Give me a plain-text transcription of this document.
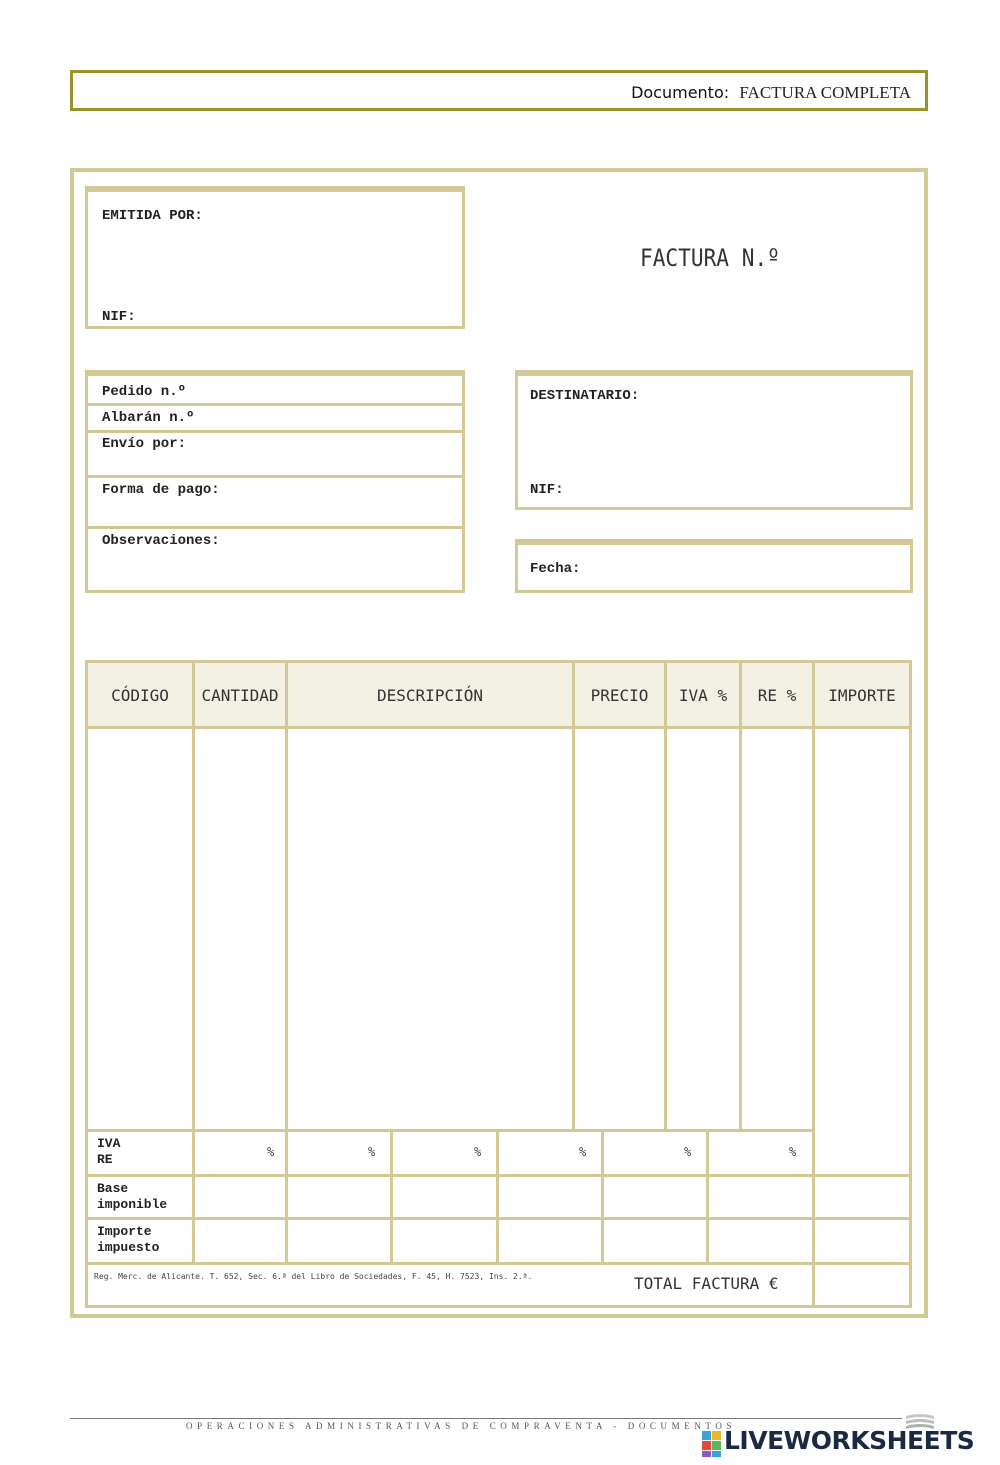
Documento: FACTURA COMPLETA
EMITIDA POR:
NIF:
FACTURA N.º
Pedido n.º
Albarán n.º
Envío por:
Forma de pago:
Observaciones:
DESTINATARIO:
NIF:
Fecha:
CÓDIGO	CANTIDAD	DESCRIPCIÓN	PRECIO	IVA %	RE %	IMPORTE
IVA
RE	%	%	%	%	%	%
Base
imponible
Importe
impuesto
Reg. Merc. de Alicante. T. 652, Sec. 6.ª del Libro de Sociedades, F. 45, H. 7523, Ins. 2.ª.	TOTAL FACTURA €
OPERACIONES ADMINISTRATIVAS DE COMPRAVENTA - DOCUMENTOS
LIVEWORKSHEETS
